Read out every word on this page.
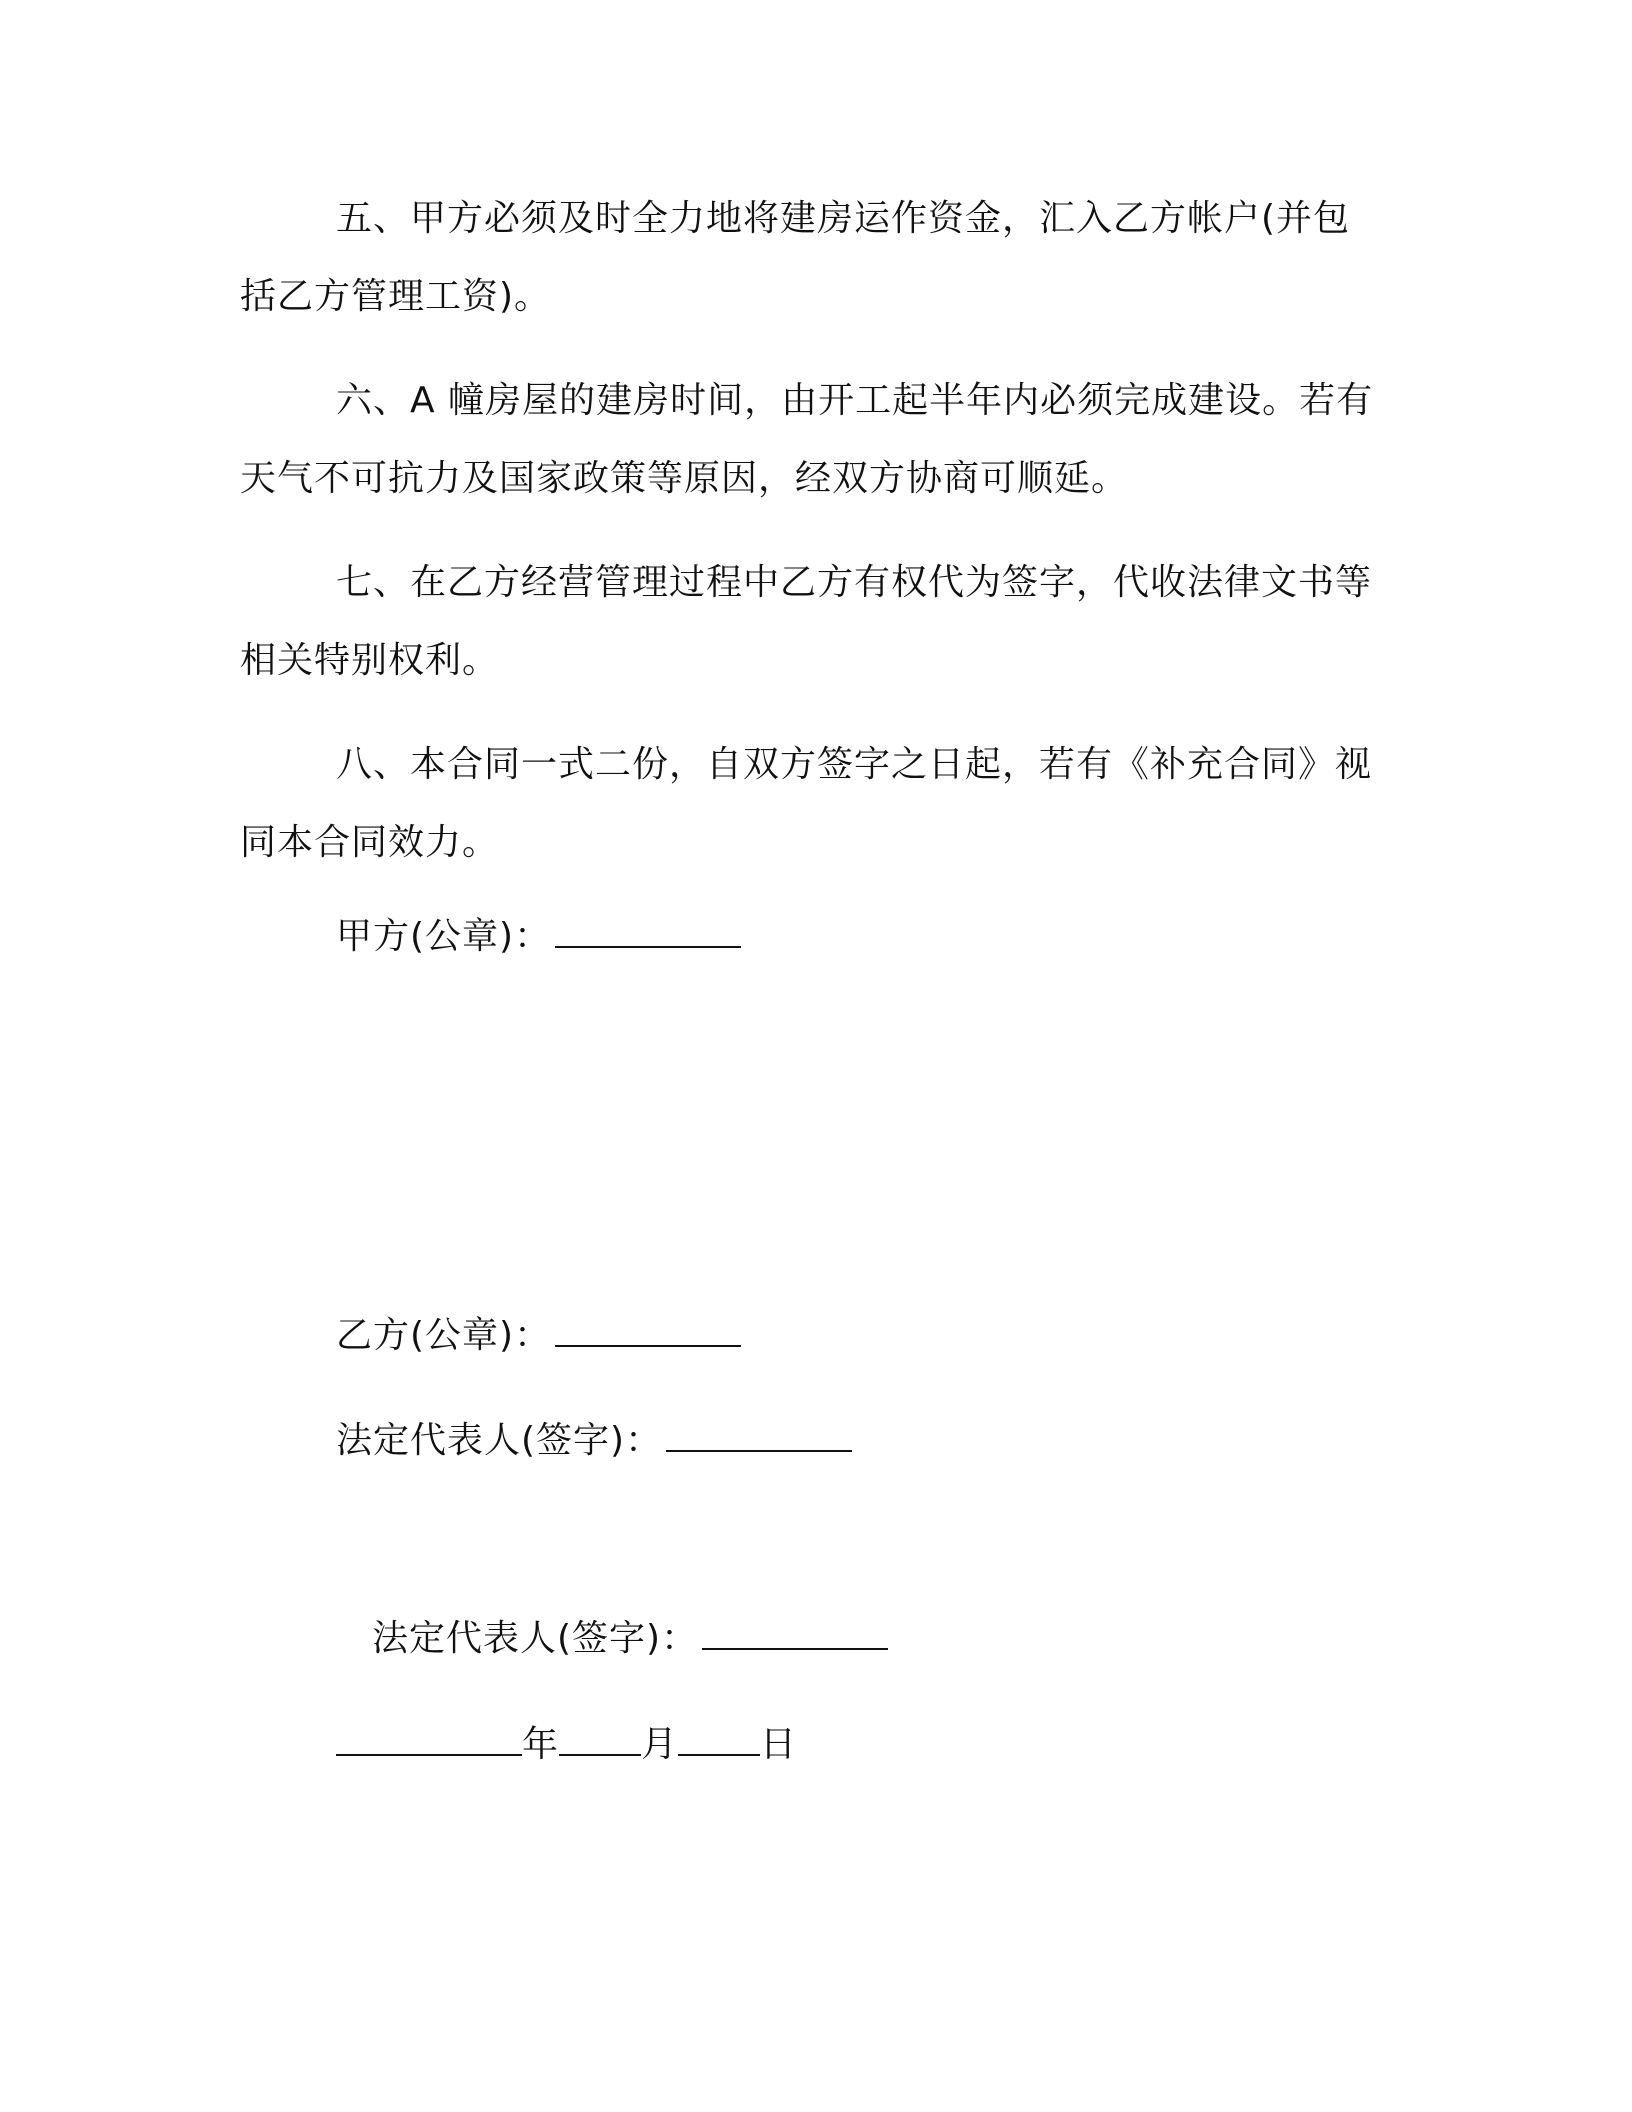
五、甲方必须及时全力地将建房运作资金，汇入乙方帐户(并包括乙方管理工资)。

六、A 幢房屋的建房时间，由开工起半年内必须完成建设。若有天气不可抗力及国家政策等原因，经双方协商可顺延。

七、在乙方经营管理过程中乙方有权代为签字，代收法律文书等相关特别权利。

八、本合同一式二份，自双方签字之日起，若有《补充合同》视同本合同效力。

甲方(公章)：
乙方(公章)：
法定代表人(签字)：
法定代表人(签字)：
年 月 日
